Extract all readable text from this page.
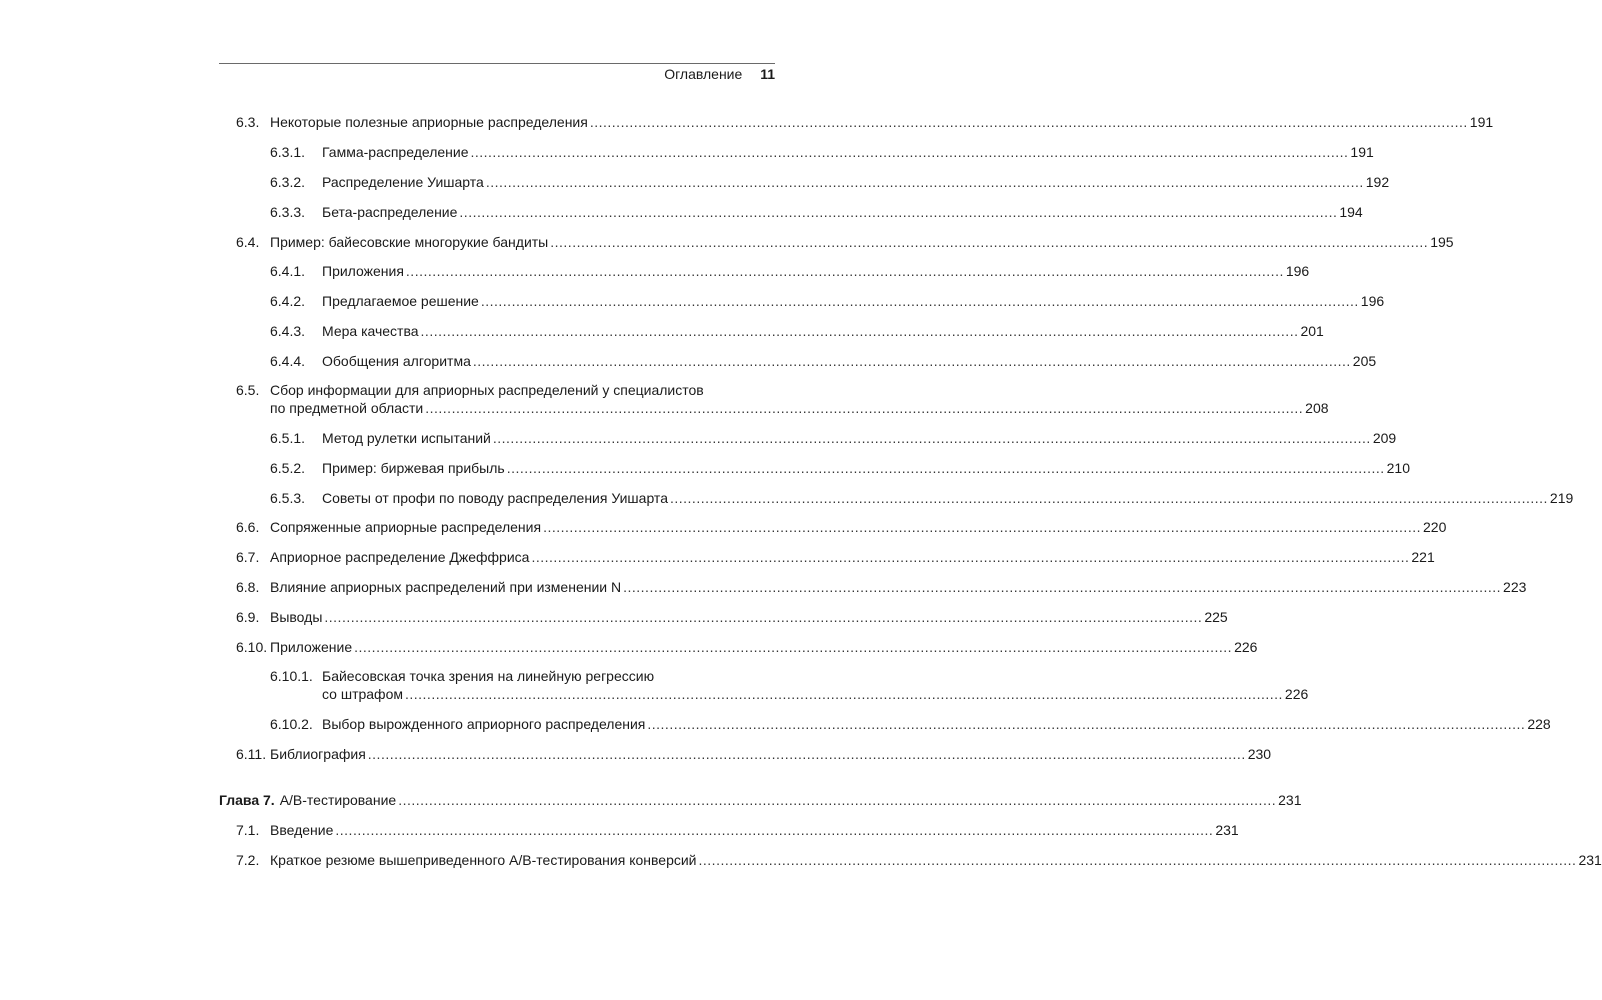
Оглавление 11
6.3. Некоторые полезные априорные распределения .....	191
6.3.1. Гамма-распределение .....	191
6.3.2. Распределение Уишарта .....	192
6.3.3. Бета-распределение .....	194
6.4. Пример: байесовские многорукие бандиты .....	195
6.4.1. Приложения .....	196
6.4.2. Предлагаемое решение .....	196
6.4.3. Мера качества .....	201
6.4.4. Обобщения алгоритма .....	205
6.5. Сбор информации для априорных распределений у специалистов
по предметной области .....	208
6.5.1. Метод рулетки испытаний .....	209
6.5.2. Пример: биржевая прибыль .....	210
6.5.3. Советы от профи по поводу распределения Уишарта .....	219
6.6. Сопряженные априорные распределения .....	220
6.7. Априорное распределение Джеффриса .....	221
6.8. Влияние априорных распределений при изменении N .....	223
6.9. Выводы .....	225
6.10. Приложение .....	226
6.10.1. Байесовская точка зрения на линейную регрессию
со штрафом .....	226
6.10.2. Выбор вырожденного априорного распределения .....	228
6.11. Библиография .....	230
Глава 7. A/B-тестирование .....	231
7.1. Введение .....	231
7.2. Краткое резюме вышеприведенного A/B-тестирования конверсий .....	231
